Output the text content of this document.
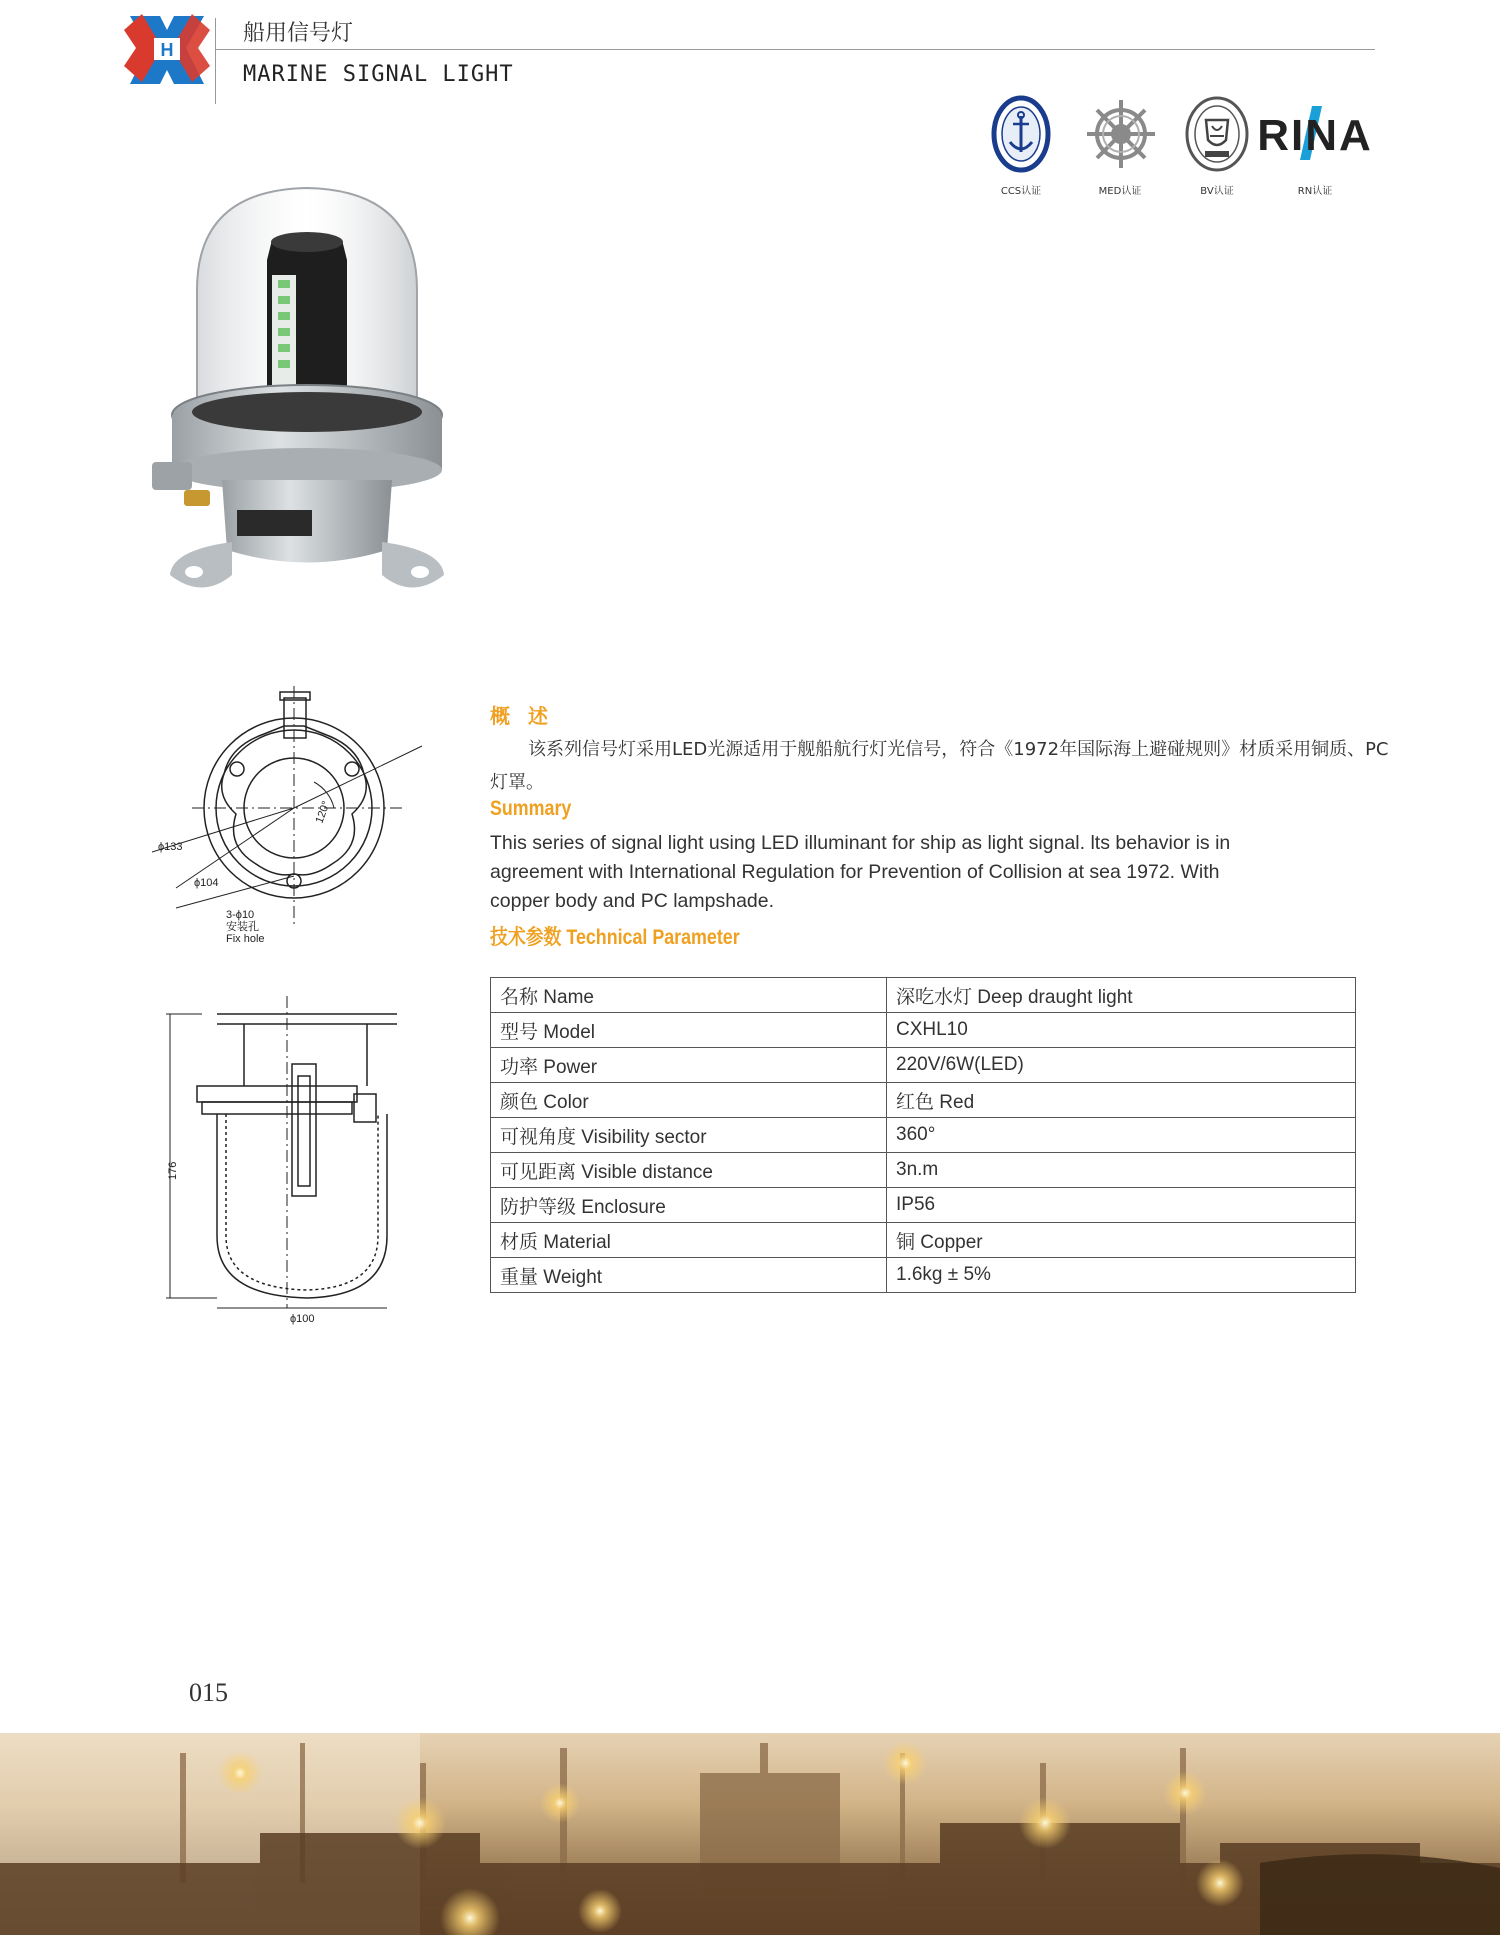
H
船用信号灯
MARINE SIGNAL LIGHT
CCS认证	MED认证	BV认证
RINA
RN认证
120°
ϕ133
ϕ104
3-ϕ10
安装孔
Fix hole
176
ϕ100
概述
该系列信号灯采用LED光源适用于舰船航行灯光信号，符合《1972年国际海上避碰规则》材质采用铜质、PC 灯罩。
Summary
This series of signal light using LED illuminant for ship as light signal. lts behavior is in agreement with International Regulation for Prevention of Collision at sea 1972. With copper body and PC lampshade.
技术参数 Technical Parameter
名称 Name	深吃水灯 Deep draught light
型号 Model	CXHL10
功率 Power	220V/6W(LED)
颜色 Color	红色 Red
可视角度 Visibility sector	360°
可见距离 Visible distance	3n.m
防护等级 Enclosure	IP56
材质 Material	铜 Copper
重量 Weight	1.6kg ± 5%
015
